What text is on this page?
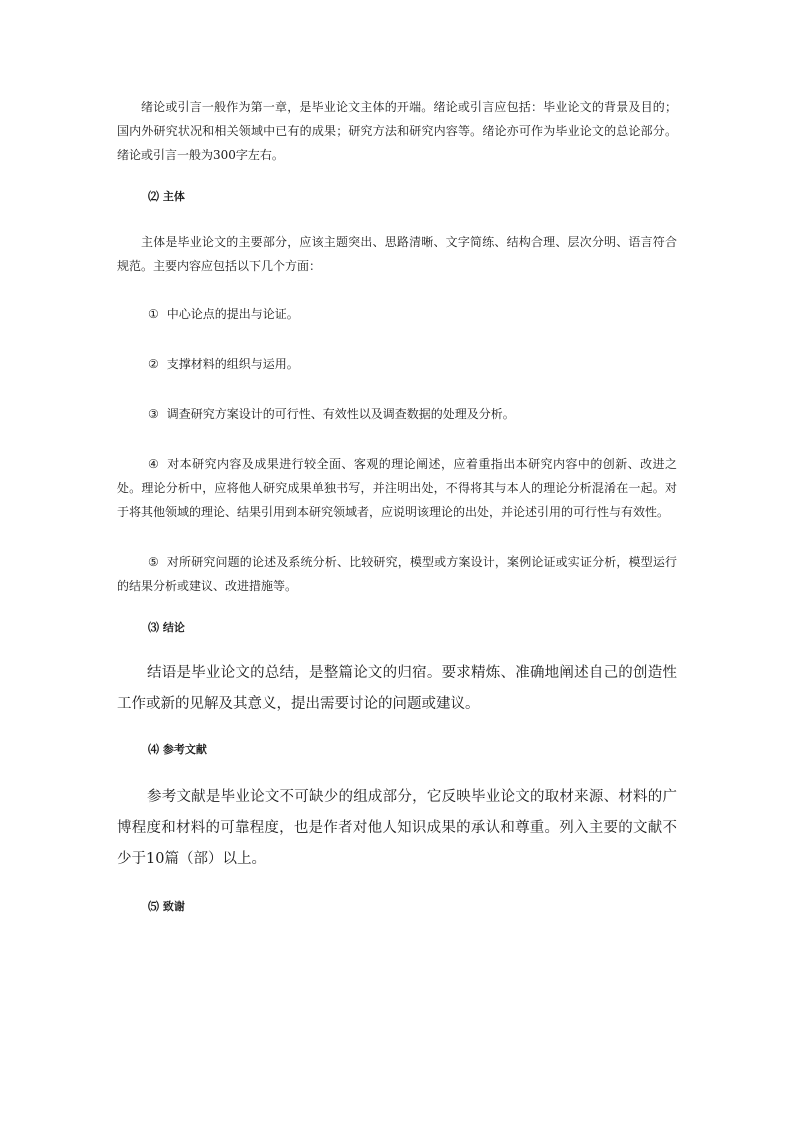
绪论或引言一般作为第一章，是毕业论文主体的开端。绪论或引言应包括：毕业论文的背景及目的；国内外研究状况和相关领域中已有的成果；研究方法和研究内容等。绪论亦可作为毕业论文的总论部分。绪论或引言一般为300字左右。

⑵ 主体

主体是毕业论文的主要部分，应该主题突出、思路清晰、文字简练、结构合理、层次分明、语言符合规范。主要内容应包括以下几个方面：

① 中心论点的提出与论证。

② 支撑材料的组织与运用。

③ 调查研究方案设计的可行性、有效性以及调查数据的处理及分析。

④ 对本研究内容及成果进行较全面、客观的理论阐述，应着重指出本研究内容中的创新、改进之处。理论分析中，应将他人研究成果单独书写，并注明出处，不得将其与本人的理论分析混淆在一起。对于将其他领域的理论、结果引用到本研究领域者，应说明该理论的出处，并论述引用的可行性与有效性。

⑤ 对所研究问题的论述及系统分析、比较研究，模型或方案设计，案例论证或实证分析，模型运行的结果分析或建议、改进措施等。

⑶ 结论

结语是毕业论文的总结，是整篇论文的归宿。要求精炼、准确地阐述自己的创造性工作或新的见解及其意义，提出需要讨论的问题或建议。

⑷ 参考文献

参考文献是毕业论文不可缺少的组成部分，它反映毕业论文的取材来源、材料的广博程度和材料的可靠程度，也是作者对他人知识成果的承认和尊重。列入主要的文献不少于10篇（部）以上。

⑸ 致谢
